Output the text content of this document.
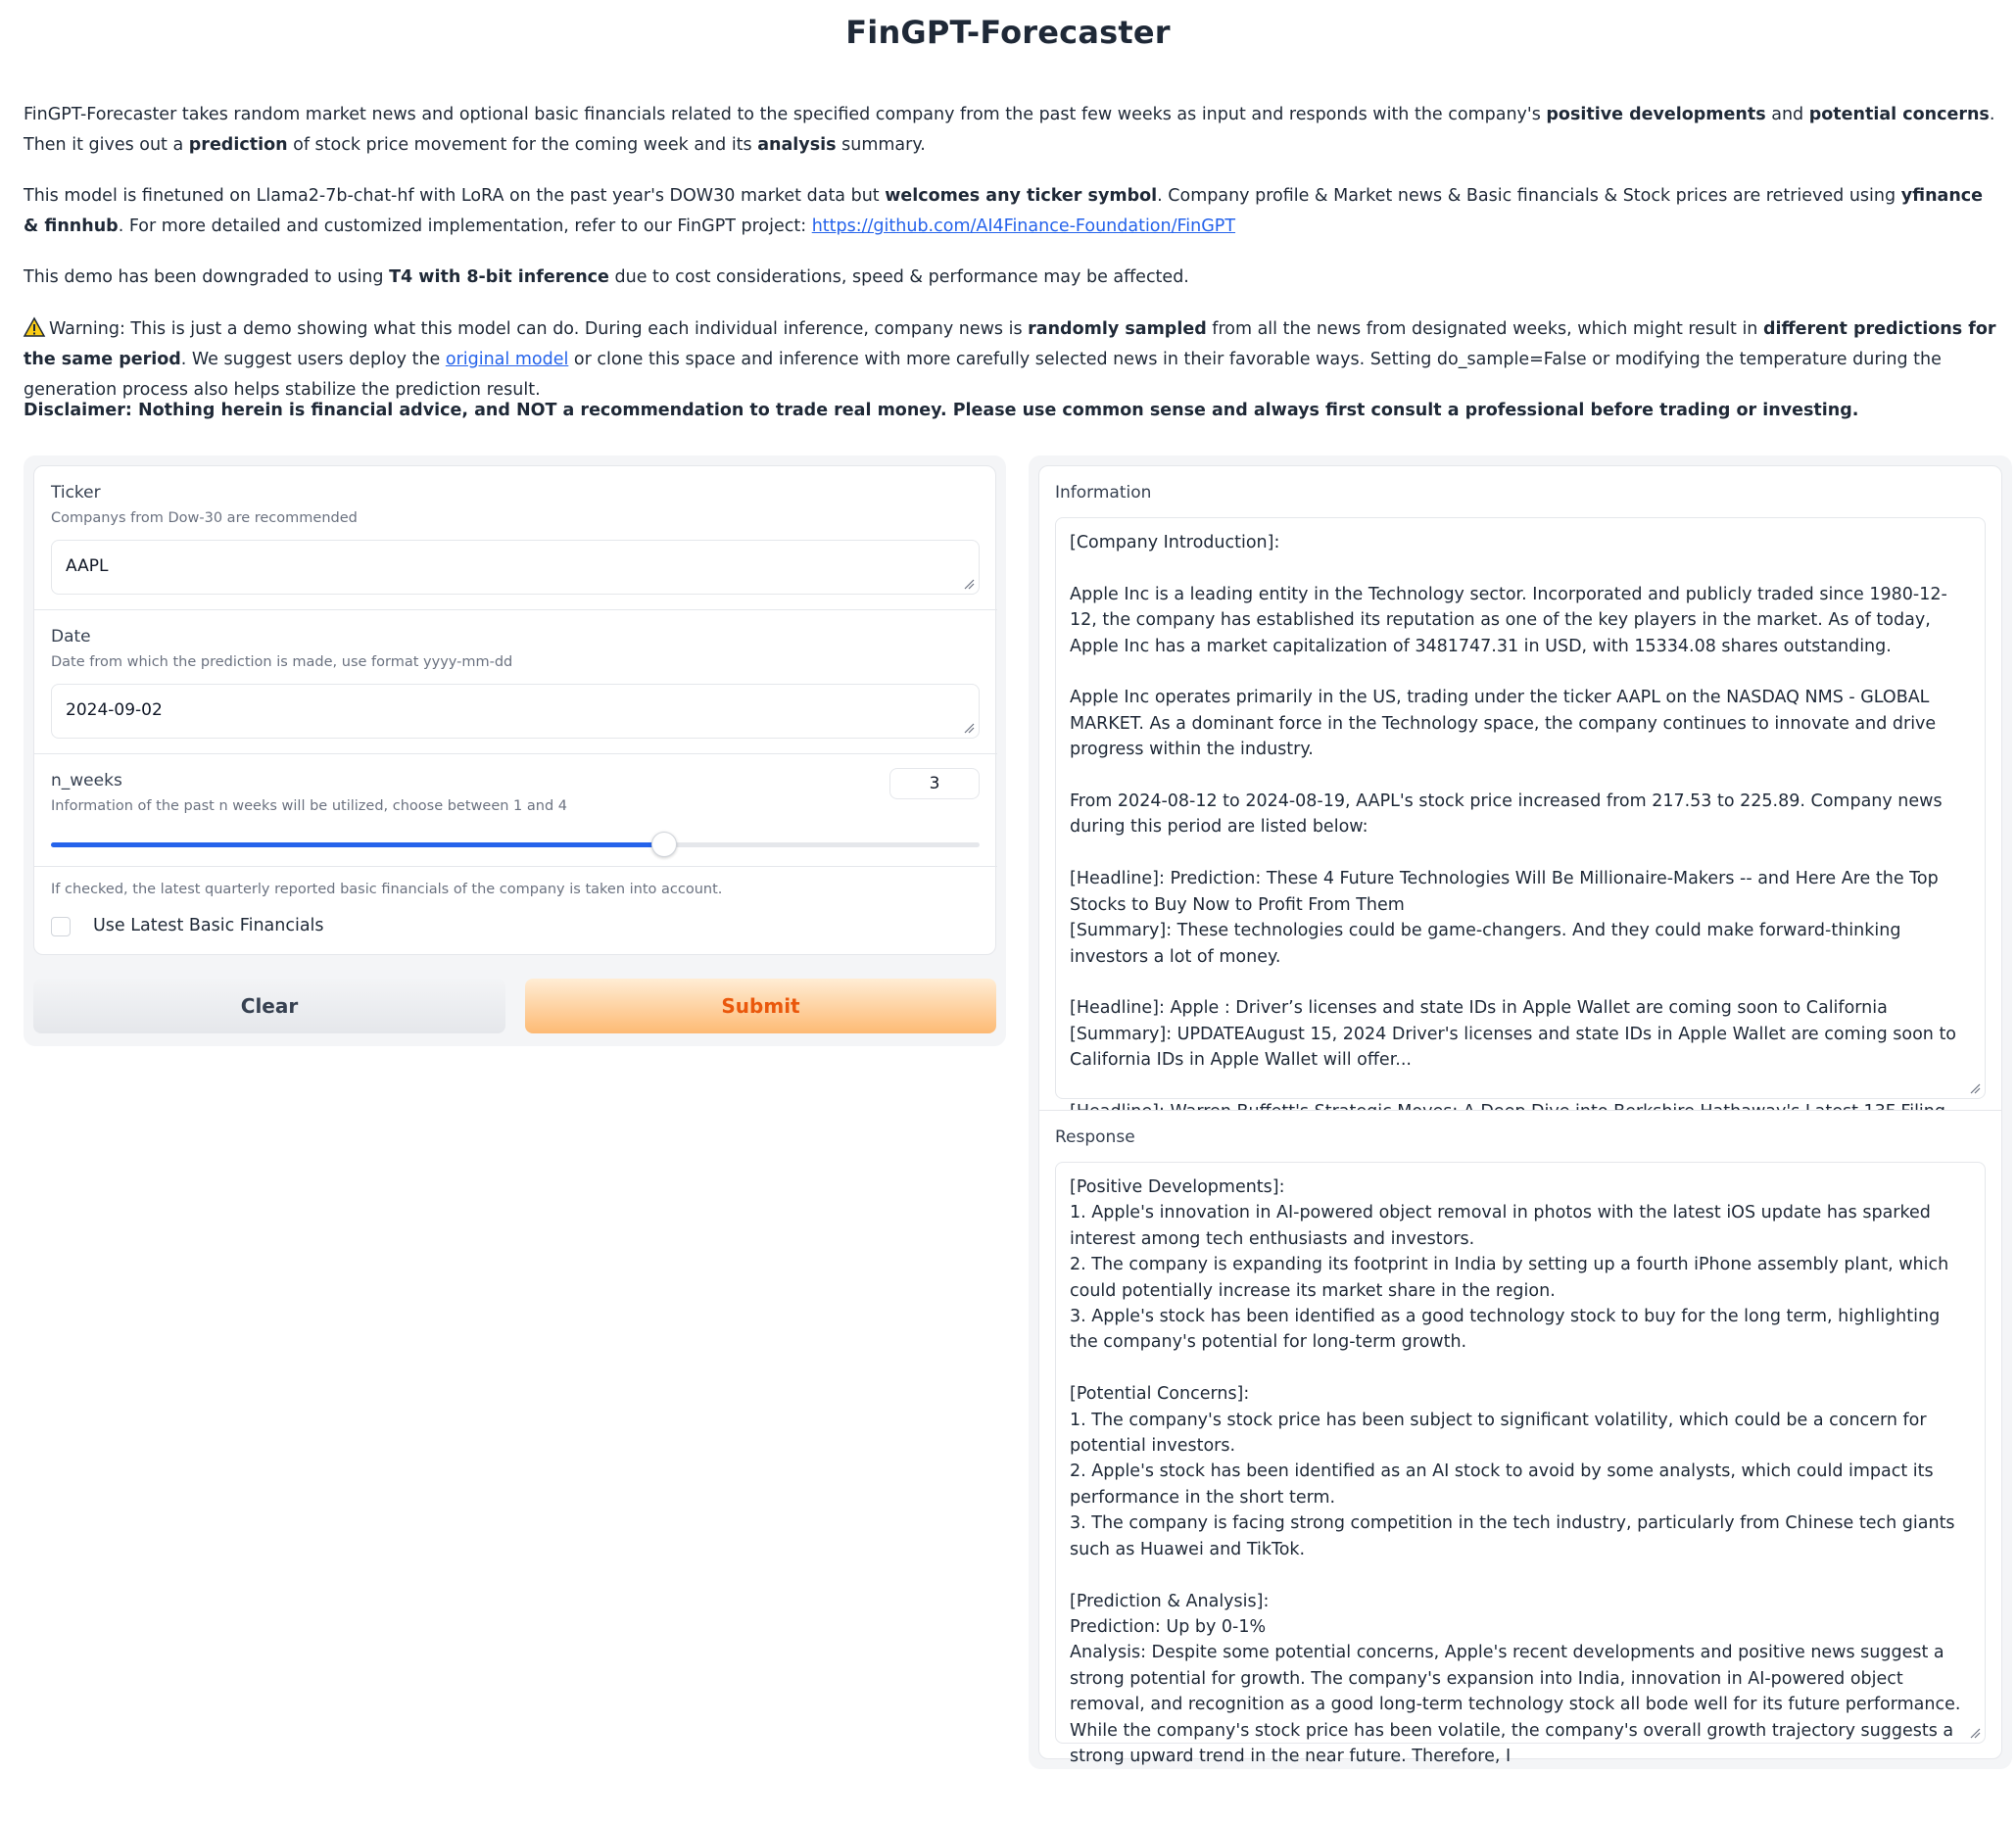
FinGPT-Forecaster
FinGPT-Forecaster takes random market news and optional basic financials related to the specified company from the past few weeks as input and responds with the company's positive developments and potential concerns. Then it gives out a prediction of stock price movement for the coming week and its analysis summary.
This model is finetuned on Llama2-7b-chat-hf with LoRA on the past year's DOW30 market data but welcomes any ticker symbol. Company profile & Market news & Basic financials & Stock prices are retrieved using yfinance & finnhub. For more detailed and customized implementation, refer to our FinGPT project: https://github.com/AI4Finance-Foundation/FinGPT
This demo has been downgraded to using T4 with 8-bit inference due to cost considerations, speed & performance may be affected.
Warning: This is just a demo showing what this model can do. During each individual inference, company news is randomly sampled from all the news from designated weeks, which might result in different predictions for the same period. We suggest users deploy the original model or clone this space and inference with more carefully selected news in their favorable ways. Setting do_sample=False or modifying the temperature during the generation process also helps stabilize the prediction result.
Disclaimer: Nothing herein is financial advice, and NOT a recommendation to trade real money. Please use common sense and always first consult a professional before trading or investing.
Ticker
Companys from Dow-30 are recommended
AAPL
Date
Date from which the prediction is made, use format yyyy-mm-dd
2024-09-02
n_weeks
Information of the past n weeks will be utilized, choose between 1 and 4
3
If checked, the latest quarterly reported basic financials of the company is taken into account.
Use Latest Basic Financials
Clear	Submit
Information
[Company Introduction]:

Apple Inc is a leading entity in the Technology sector. Incorporated and publicly traded since 1980-12-12, the company has established its reputation as one of the key players in the market. As of today, Apple Inc has a market capitalization of 3481747.31 in USD, with 15334.08 shares outstanding.

Apple Inc operates primarily in the US, trading under the ticker AAPL on the NASDAQ NMS - GLOBAL MARKET. As a dominant force in the Technology space, the company continues to innovate and drive progress within the industry.

From 2024-08-12 to 2024-08-19, AAPL's stock price increased from 217.53 to 225.89. Company news during this period are listed below:

[Headline]: Prediction: These 4 Future Technologies Will Be Millionaire-Makers -- and Here Are the Top Stocks to Buy Now to Profit From Them
[Summary]: These technologies could be game-changers. And they could make forward-thinking investors a lot of money.

[Headline]: Apple : Driver’s licenses and state IDs in Apple Wallet are coming soon to California
[Summary]: UPDATEAugust 15, 2024 Driver's licenses and state IDs in Apple Wallet are coming soon to California IDs in Apple Wallet will offer...

Response
[Positive Developments]:
1. Apple's innovation in AI-powered object removal in photos with the latest iOS update has sparked interest among tech enthusiasts and investors.
2. The company is expanding its footprint in India by setting up a fourth iPhone assembly plant, which could potentially increase its market share in the region.
3. Apple's stock has been identified as a good technology stock to buy for the long term, highlighting the company's potential for long-term growth.

[Potential Concerns]:
1. The company's stock price has been subject to significant volatility, which could be a concern for potential investors.
2. Apple's stock has been identified as an AI stock to avoid by some analysts, which could impact its performance in the short term.
3. The company is facing strong competition in the tech industry, particularly from Chinese tech giants such as Huawei and TikTok.

[Prediction & Analysis]:
Prediction: Up by 0-1%
Analysis: Despite some potential concerns, Apple's recent developments and positive news suggest a strong potential for growth. The company's expansion into India, innovation in AI-powered object removal, and recognition as a good long-term technology stock all bode well for its future performance. While the company's stock price has been volatile, the company's overall growth trajectory suggests a strong upward trend in the near future. Therefore, I
